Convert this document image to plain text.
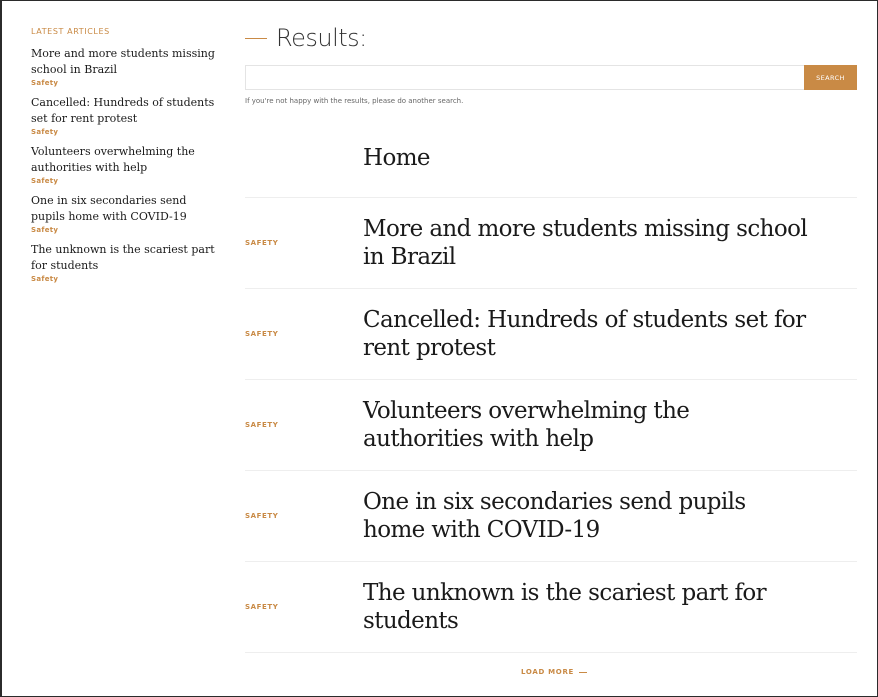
LATEST ARTICLES
More and more students missing school in Brazil
Safety
Cancelled: Hundreds of students set for rent protest
Safety
Volunteers overwhelming the authorities with help
Safety
One in six secondaries send pupils home with COVID-19
Safety
The unknown is the scariest part for students
Safety
Results:
SEARCH
If you're not happy with the results, please do another search.
Home
SAFETY
More and more students missing school in Brazil
SAFETY
Cancelled: Hundreds of students set for rent protest
SAFETY
Volunteers overwhelming the authorities with help
SAFETY
One in six secondaries send pupils home with COVID-19
SAFETY
The unknown is the scariest part for students
LOAD MORE
